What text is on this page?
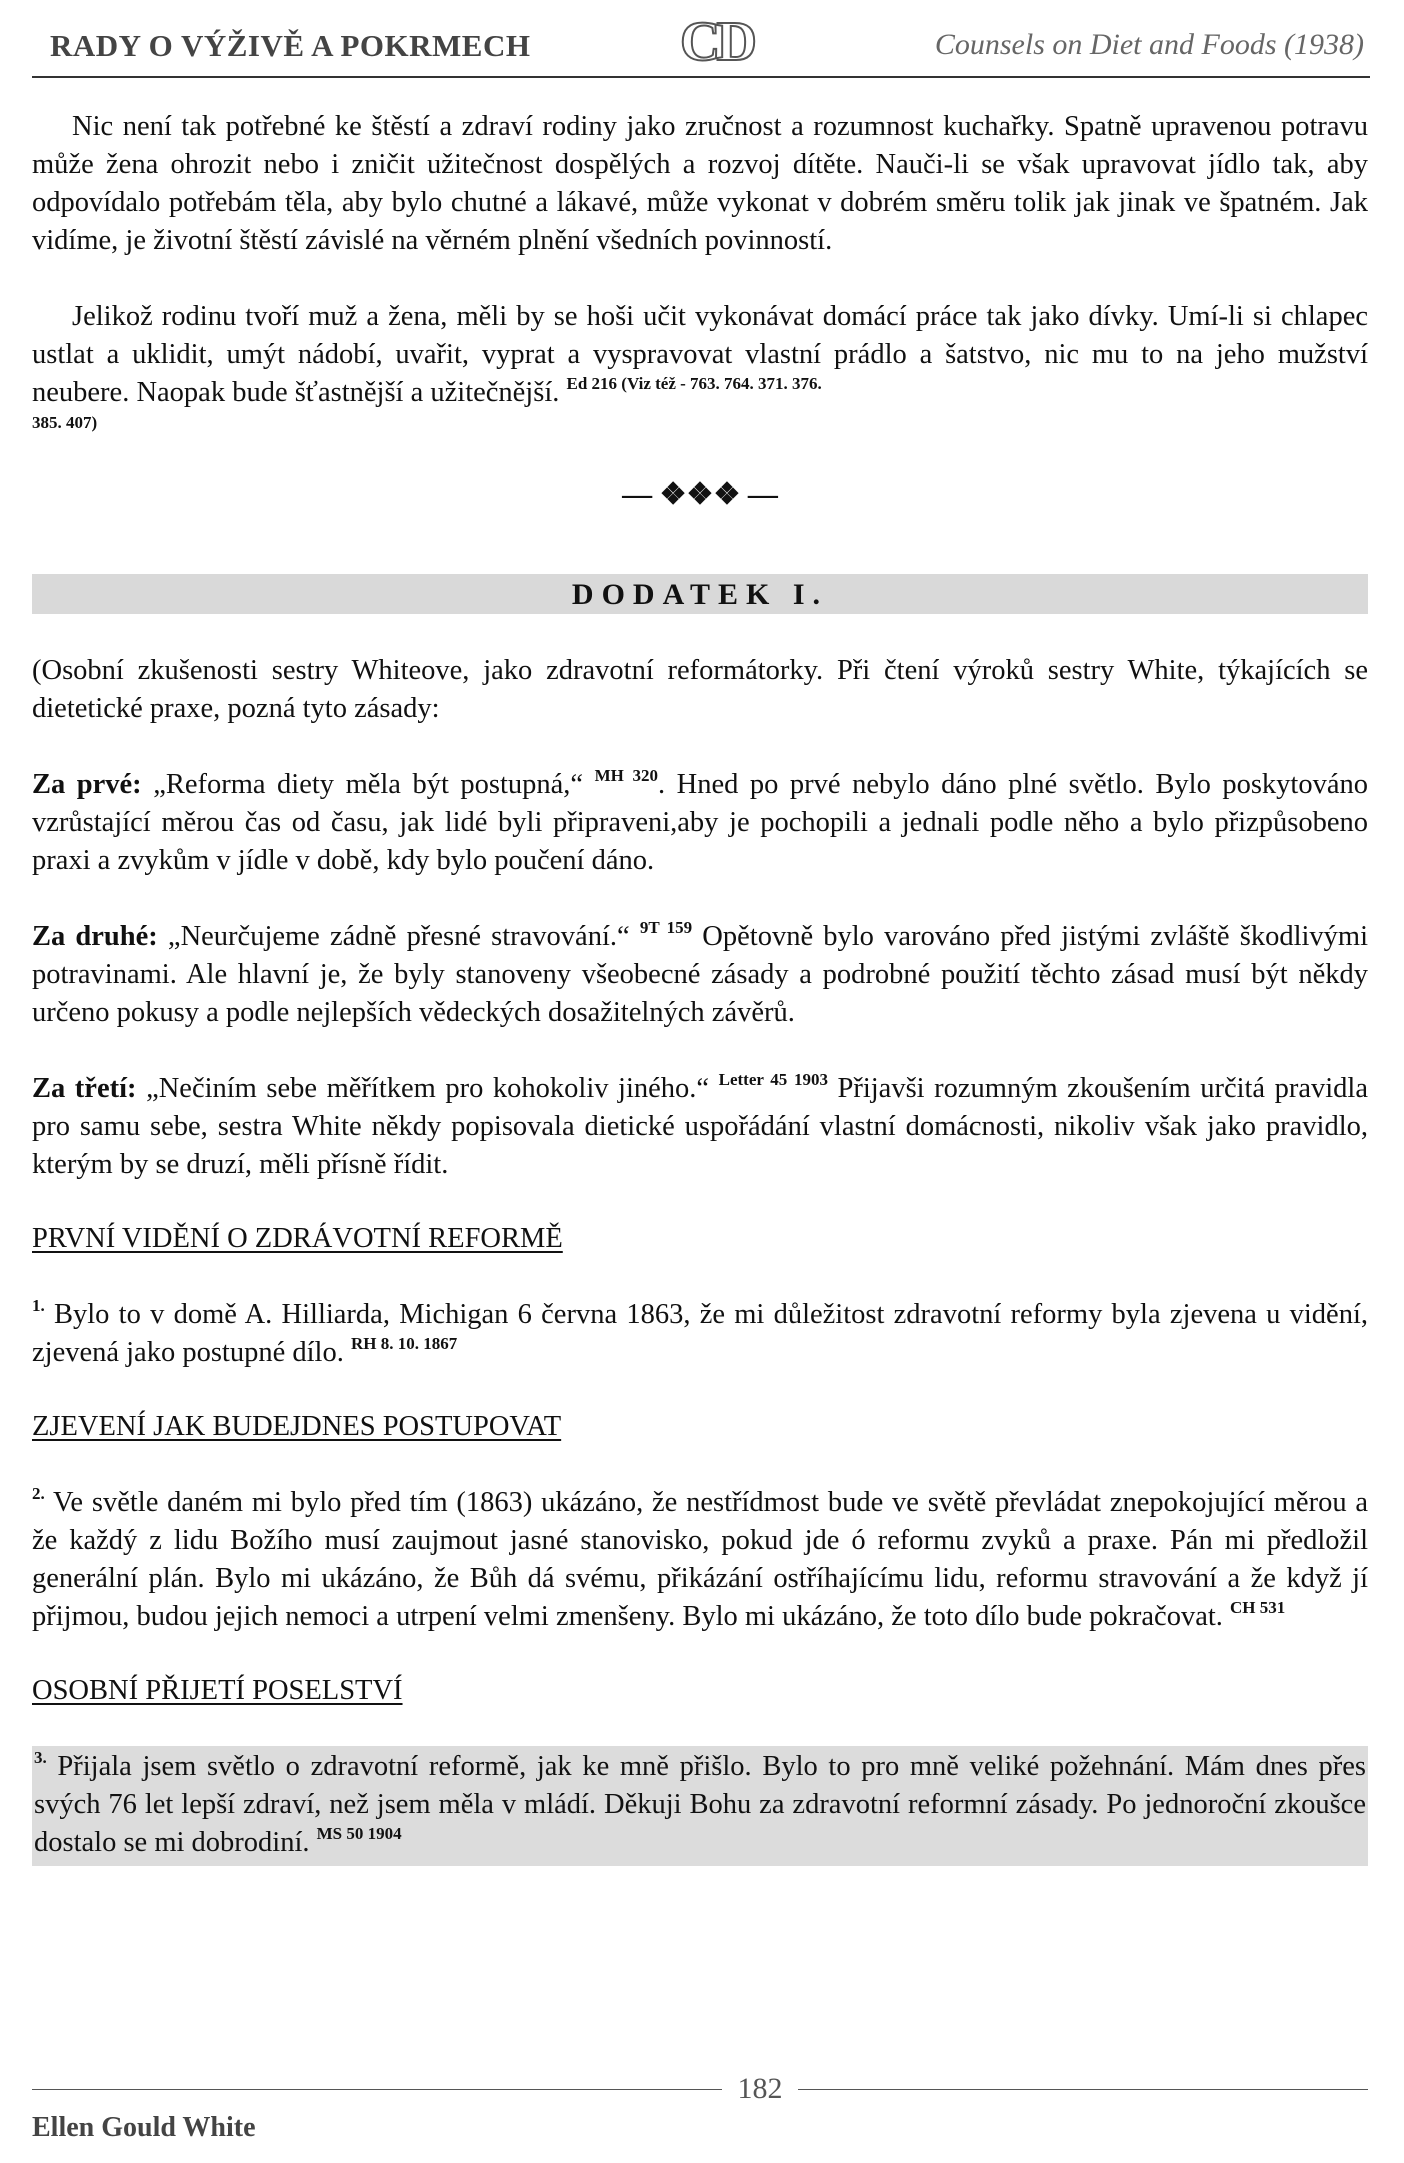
RADY O VÝŽIVĚ A POKRMECH	CD	Counsels on Diet and Foods (1938)

Nic není tak potřebné ke štěstí a zdraví rodiny jako zručnost a rozumnost kuchařky. Spatně upravenou potravu může žena ohrozit nebo i zničit užitečnost dospělých a rozvoj dítěte. Nauči-li se však upravovat jídlo tak, aby odpovídalo potřebám těla, aby bylo chutné a lákavé, může vykonat v dobrém směru tolik jak jinak ve špatném. Jak vidíme, je životní štěstí závislé na věrném plnění všedních povinností.

Jelikož rodinu tvoří muž a žena, měli by se hoši učit vykonávat domácí práce tak jako dívky. Umí-li si chlapec ustlat a uklidit, umýt nádobí, uvařit, vyprat a vyspravovat vlastní prádlo a šatstvo, nic mu to na jeho mužství neubere. Naopak bude šťastnější a užitečnější. $^{Ed 216 (Viz též - 763. 764. 371. 376.}$

385. 407)
— ❖❖❖ —
DODATEK I.

(Osobní zkušenosti sestry Whiteove, jako zdravotní reformátorky. Při čtení výroků sestry White, týkajících se dietetické praxe, pozná tyto zásady:

Za prvé: „Reforma diety měla být postupná,“ $^{MH 320}$. Hned po prvé nebylo dáno plné světlo. Bylo poskytováno vzrůstající měrou čas od času, jak lidé byli připraveni,aby je pochopili a jednali podle něho a bylo přizpůsobeno praxi a zvykům v jídle v době, kdy bylo poučení dáno.

Za druhé: „Neurčujeme zádně přesné stravování.“ $^{9T 159}$ Opětovně bylo varováno před jistými zvláště škodlivými potravinami. Ale hlavní je, že byly stanoveny všeobecné zásady a podrobné použití těchto zásad musí být někdy určeno pokusy a podle nejlepších vědeckých dosažitelných závěrů.

Za třetí: „Nečiním sebe měřítkem pro kohokoliv jiného.“ $^{Letter 45 1903}$ Přijavši rozumným zkoušením určitá pravidla pro samu sebe, sestra White někdy popisovala dietické uspořádání vlastní domácnosti, nikoliv však jako pravidlo, kterým by se druzí, měli přísně řídit.

PRVNÍ VIDĚNÍ O ZDRÁVOTNÍ REFORMĚ

$^{1.}$ Bylo to v domě A. Hilliarda, Michigan 6 června 1863, že mi důležitost zdravotní reformy byla zjevena u vidění, zjevená jako postupné dílo. $^{RH 8. 10. 1867}$

ZJEVENÍ JAK BUDEJDNES POSTUPOVAT

$^{2.}$ Ve světle daném mi bylo před tím (1863) ukázáno, že nestřídmost bude ve světě převládat znepokojující měrou a že každý z lidu Božího musí zaujmout jasné stanovisko, pokud jde ó reformu zvyků a praxe. Pán mi předložil generální plán. Bylo mi ukázáno, že Bůh dá svému, přikázání ostříhajícímu lidu, reformu stravování a že když jí přijmou, budou jejich nemoci a utrpení velmi zmenšeny. Bylo mi ukázáno, že toto dílo bude pokračovat. $^{CH 531}$

OSOBNÍ PŘIJETÍ POSELSTVÍ

$^{3.}$ Přijala jsem světlo o zdravotní reformě, jak ke mně přišlo. Bylo to pro mně veliké požehnání. Mám dnes přes svých 76 let lepší zdraví, než jsem měla v mládí. Děkuji Bohu za zdravotní reformní zásady. Po jednoroční zkoušce dostalo se mi dobrodiní. $^{MS 50 1904}$

182
Ellen Gould White
